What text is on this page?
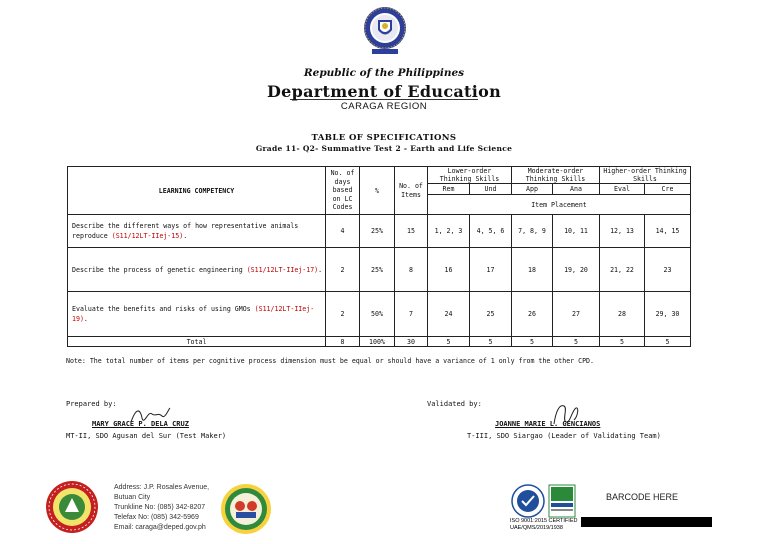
Republic of the Philippines
Department of Education
CARAGA REGION
TABLE OF SPECIFICATIONS
Grade 11- Q2- Summative Test 2 - Earth and Life Science
LEARNING COMPETENCY	No. of days based on LC Codes	%	No. of Items	Lower-order Thinking Skills		Moderate-order Thinking Skills		Higher-order Thinking Skills	
				Rem	Und	App	Ana	Eval	Cre
				Item Placement					
Describe the different ways of how representative animals reproduce (S11/12LT-IIej-15).	4	25%	15	1, 2, 3	4, 5, 6	7, 8, 9	10, 11	12, 13	14, 15
Describe the process of genetic engineering (S11/12LT-IIej-17).	2	25%	8	16	17	18	19, 20	21, 22	23
Evaluate the benefits and risks of using GMOs (S11/12LT-IIej-19).	2	50%	7	24	25	26	27	28	29, 30
Total	8	100%	30	5	5	5	5	5	5
Note: The total number of items per cognitive process dimension must be equal or should have a variance of 1 only from the other CPD.
Prepared by:
MARY GRACE P. DELA CRUZ
MT-II, SDO Agusan del Sur (Test Maker)
Validated by:
JOANNE MARIE L. GENCIANOS
T-III, SDO Siargao (Leader of Validating Team)
Address: J.P. Rosales Avenue,
Butuan City
Trunkline No: (085) 342-8207
Telefax No: (085) 342-5969
Email: caraga@deped.gov.ph
ISO 9001:2015 CERTIFIED
UAE/QMS/2019/1938
BARCODE HERE
